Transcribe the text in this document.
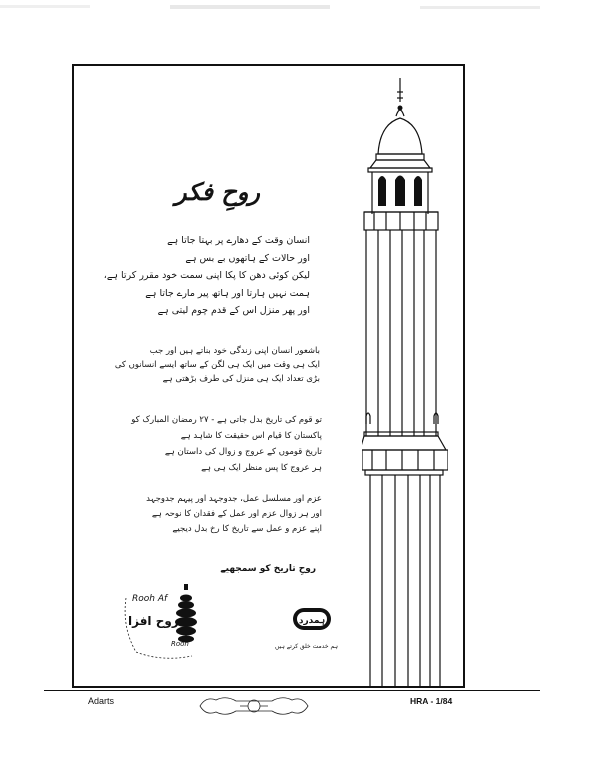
روحِ فکر
انسان وقت کے دھارے پر بہتا جاتا ہے
اور حالات کے ہاتھوں بے بس ہے
لیکن کوئی دھن کا پکا اپنی سمت خود مقرر کرتا ہے،
ہمت نہیں ہارتا اور ہاتھ پیر مارے جاتا ہے
اور پھر منزل اس کے قدم چوم لیتی ہے
باشعور انسان اپنی زندگی خود بناتے ہیں اور جب
ایک ہی وقت میں ایک ہی لگن کے ساتھ ایسے انسانوں کی
بڑی تعداد ایک ہی منزل کی طرف بڑھتی ہے
تو قوم کی تاریخ بدل جاتی ہے - ۲۷ رمضان المبارک کو
پاکستان کا قیام اس حقیقت کا شاہد ہے
تاریخ قوموں کے عروج و زوال کی داستان ہے
ہر عروج کا پس منظر ایک ہی ہے
عزم اور مسلسل عمل، جدوجہد اور پیہم جدوجہد
اور ہر زوال عزم اور عمل کے فقدان کا نوحہ ہے
اپنے عزم و عمل سے تاریخ کا رخ بدل دیجیے
روحِ تاریخ کو سمجھیے
Rooh Af
روح افزا
Rooh
ہمدرد
ہم خدمت خلق کرتے ہیں
Adarts	HRA - 1/84
